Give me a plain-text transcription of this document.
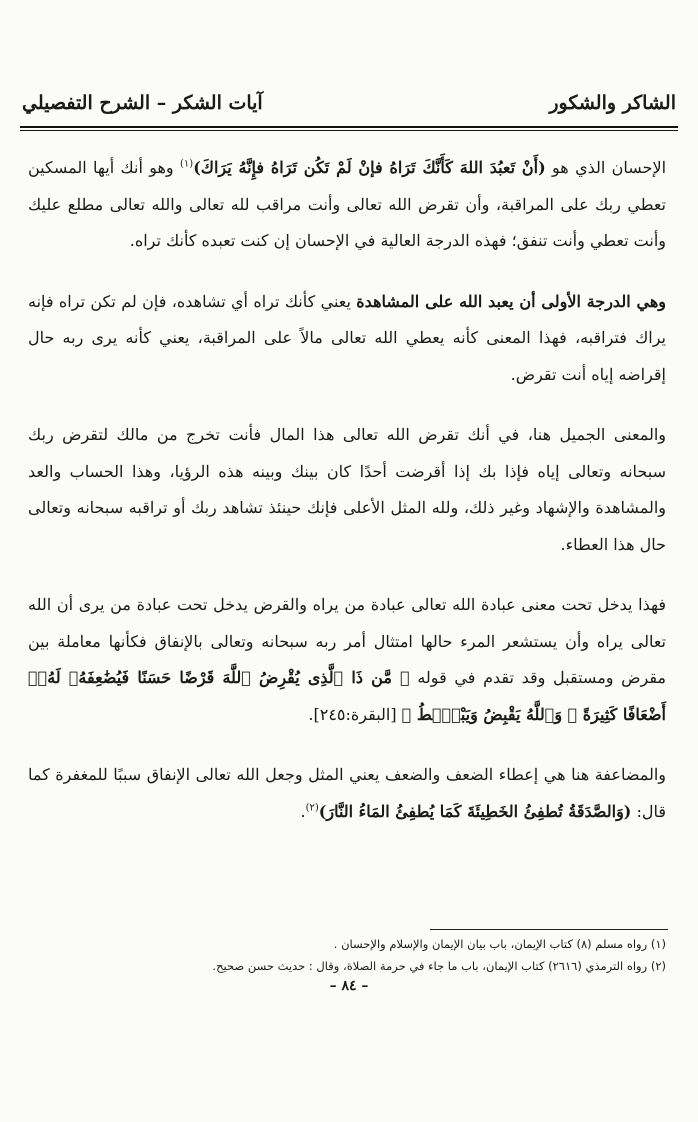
الشاكر والشكور
آيات الشكر – الشرح التفصيلي

الإحسان الذي هو (أَنْ تَعبُدَ اللهَ كَأَنَّكَ تَرَاهُ فإنْ لَمْ تَكُن تَرَاهُ فإِنَّهُ يَرَاكَ)$^{(١)}$ وهو أنك أيها المسكين تعطي ربك على المراقبة، وأن تقرض الله تعالى وأنت مراقب لله تعالى والله تعالى مطلع عليك وأنت تعطي وأنت تنفق؛ فهذه الدرجة العالية في الإحسان إن كنت تعبده كأنك تراه.

وهي الدرجة الأولى أن يعبد الله على المشاهدة يعني كأنك تراه أي تشاهده، فإن لم تكن تراه فإنه يراك فتراقبه، فهذا المعنى كأنه يعطي الله تعالى مالاً على المراقبة، يعني كأنه يرى ربه حال إقراضه إياه أنت تقرض.

والمعنى الجميل هنا، في أنك تقرض الله تعالى هذا المال فأنت تخرج من مالك لتقرض ربك سبحانه وتعالى إياه فإذا بك إذا أقرضت أحدًا كان بينك وبينه هذه الرؤيا، وهذا الحساب والعد والمشاهدة والإشهاد وغير ذلك، ولله المثل الأعلى فإنك حينئذ تشاهد ربك أو تراقبه سبحانه وتعالى حال هذا العطاء.

فهذا يدخل تحت معنى عبادة الله تعالى عبادة من يراه والقرض يدخل تحت عبادة من يرى أن الله تعالى يراه وأن يستشعر المرء حالها امتثال أمر ربه سبحانه وتعالى بالإنفاق فكأنها معاملة بين مقرض ومستقبل وقد تقدم في قوله ﴿ مَّن ذَا ٱلَّذِى يُقْرِضُ ٱللَّهَ قَرْضًا حَسَنًا فَيُضَٰعِفَهُۥ لَهُۥٓ أَضْعَافًا كَثِيرَةً ۚ وَٱللَّهُ يَقْبِضُ وَيَبْصُۜطُ ﴾ [البقرة:٢٤٥].

والمضاعفة هنا هي إعطاء الضعف والضعف يعني المثل وجعل الله تعالى الإنفاق سببًا للمغفرة كما قال: (وَالصَّدَقَةُ تُطفِئُ الخَطِيئَةَ كَمَا يُطفِئُ المَاءُ النَّارَ)$^{(٢)}$.

(١) رواه مسلم (٨) كتاب الإيمان، باب بيان الإيمان والإسلام والإحسان .
(٢) رواه الترمذي (٢٦١٦) كتاب الإيمان، باب ما جاء في حرمة الصلاة، وقال : حديث حسن صحيح.
– ٨٤ –
